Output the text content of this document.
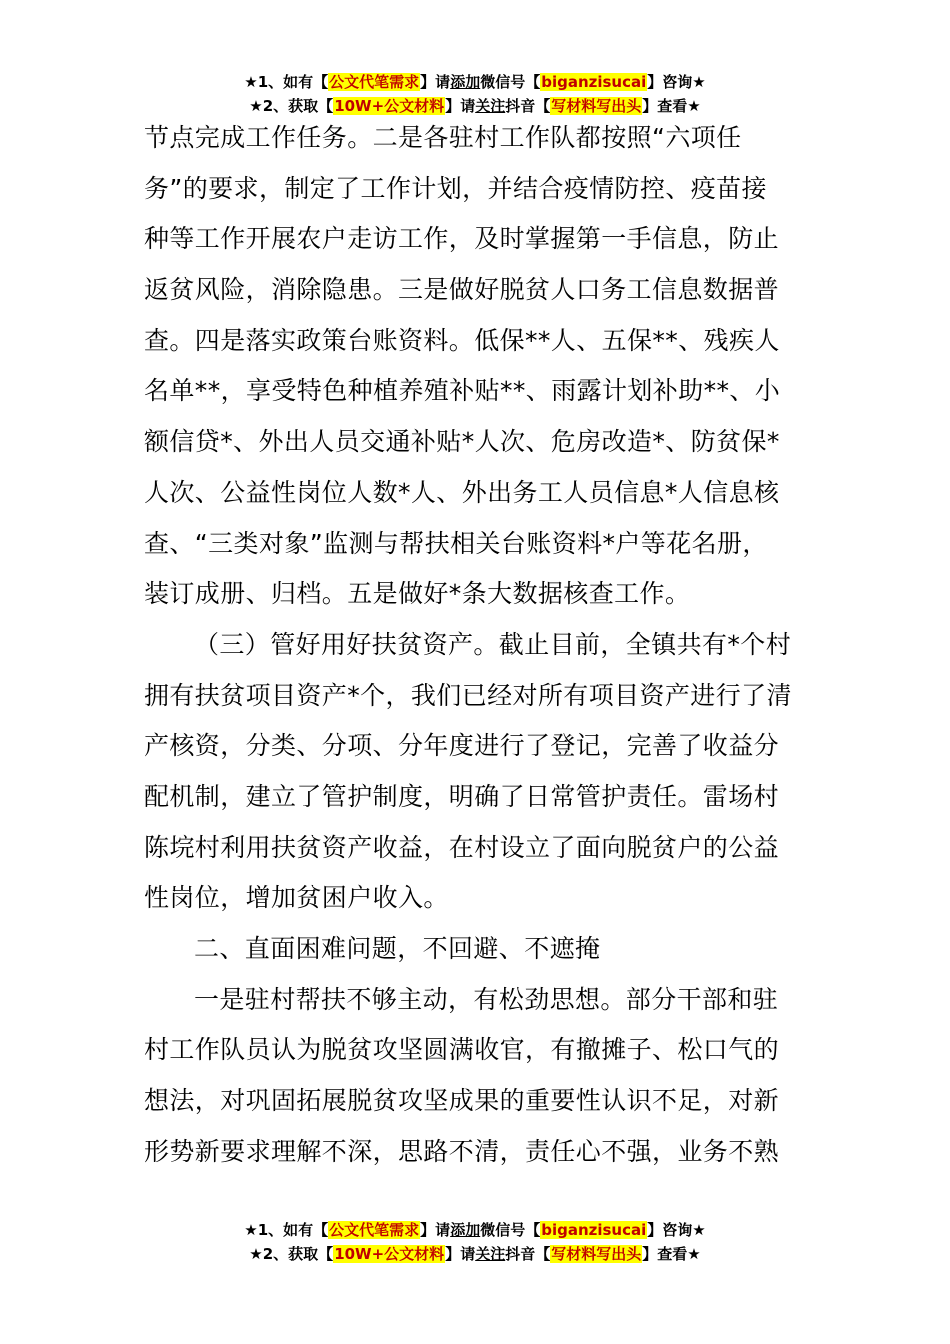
★1、如有【公文代笔需求】请添加微信号【biganzisucai】咨询★
★2、获取【10W+公文材料】请关注抖音【写材料写出头】查看★
节点完成工作任务。二是各驻村工作队都按照“六项任
务”的要求，制定了工作计划，并结合疫情防控、疫苗接
种等工作开展农户走访工作，及时掌握第一手信息，防止
返贫风险，消除隐患。三是做好脱贫人口务工信息数据普
查。四是落实政策台账资料。低保**人、五保**、残疾人
名单**，享受特色种植养殖补贴**、雨露计划补助**、小
额信贷*、外出人员交通补贴*人次、危房改造*、防贫保*
人次、公益性岗位人数*人、外出务工人员信息*人信息核
查、“三类对象”监测与帮扶相关台账资料*户等花名册，
装订成册、归档。五是做好*条大数据核查工作。
（三）管好用好扶贫资产。截止目前，全镇共有*个村
拥有扶贫项目资产*个，我们已经对所有项目资产进行了清
产核资，分类、分项、分年度进行了登记，完善了收益分
配机制，建立了管护制度，明确了日常管护责任。雷场村
陈垸村利用扶贫资产收益，在村设立了面向脱贫户的公益
性岗位，增加贫困户收入。
二、直面困难问题，不回避、不遮掩
一是驻村帮扶不够主动，有松劲思想。部分干部和驻
村工作队员认为脱贫攻坚圆满收官，有撤摊子、松口气的
想法，对巩固拓展脱贫攻坚成果的重要性认识不足，对新
形势新要求理解不深，思路不清，责任心不强，业务不熟
★1、如有【公文代笔需求】请添加微信号【biganzisucai】咨询★
★2、获取【10W+公文材料】请关注抖音【写材料写出头】查看★
